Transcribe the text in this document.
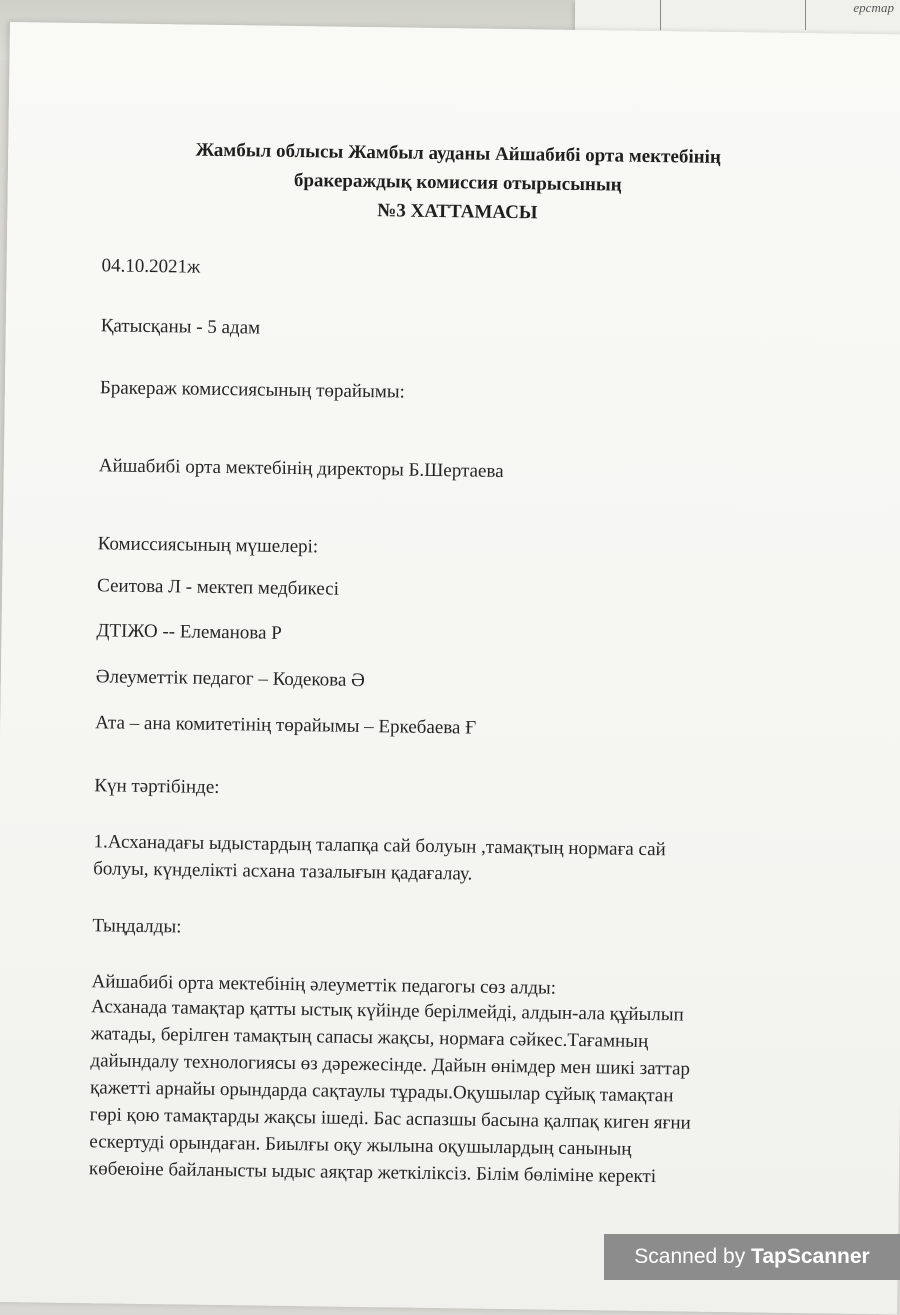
ерстар
Жамбыл облысы Жамбыл ауданы Айшабибі орта мектебінің
бракераждық комиссия отырысының
№3 ХАТТАМАСЫ
04.10.2021ж
Қатысқаны - 5 адам
Бракераж комиссиясының төрайымы:
Айшабибі орта мектебінің директоры Б.Шертаева
Комиссиясының мүшелері:
Сеитова Л - мектеп медбикесі
ДТІЖО -- Елеманова Р
Әлеуметтік педагог – Кодекова Ә
Ата – ана комитетінің төрайымы – Еркебаева Ғ
Күн тәртібінде:
1.Асханадағы ыдыстардың талапқа сай болуын ,тамақтың нормаға сай
болуы, күнделікті асхана тазалығын қадағалау.
Тыңдалды:
Айшабибі орта мектебінің әлеуметтік педагогы сөз алды:
Асханада тамақтар қатты ыстық күйінде берілмейді, алдын-ала құйылып
жатады, берілген тамақтың сапасы жақсы, нормаға сәйкес.Тағамның
дайындалу технологиясы өз дәрежесінде. Дайын өнімдер мен шикі заттар
қажетті арнайы орындарда сақтаулы тұрады.Оқушылар сұйық тамақтан
гөрі қою тамақтарды жақсы ішеді. Бас аспазшы басына қалпақ киген яғни
ескертуді орындаған. Биылғы оқу жылына оқушылардың санының
көбеюіне байланысты ыдыс аяқтар жеткіліксіз. Білім бөліміне керекті
Scanned by TapScanner
